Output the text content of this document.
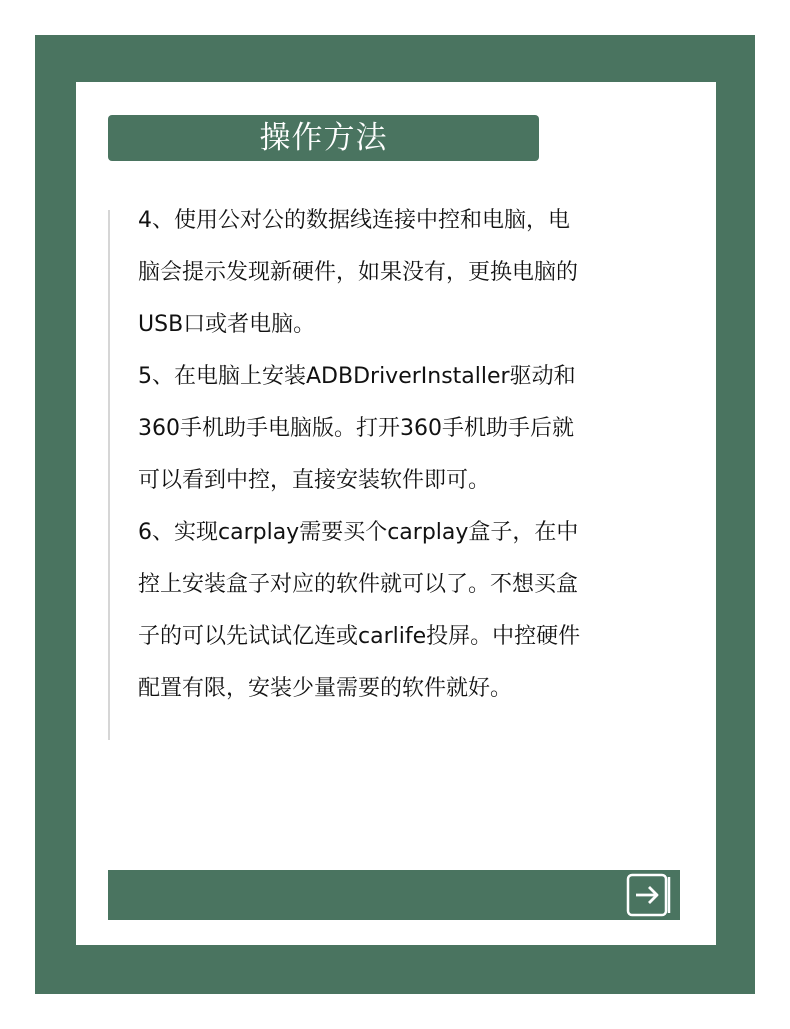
操作方法

4、使用公对公的数据线连接中控和电脑，电
脑会提示发现新硬件，如果没有，更换电脑的
USB口或者电脑。

5、在电脑上安装ADBDriverInstaller驱动和
360手机助手电脑版。打开360手机助手后就
可以看到中控，直接安装软件即可。

6、实现carplay需要买个carplay盒子，在中
控上安装盒子对应的软件就可以了。不想买盒
子的可以先试试亿连或carlife投屏。中控硬件
配置有限，安装少量需要的软件就好。
